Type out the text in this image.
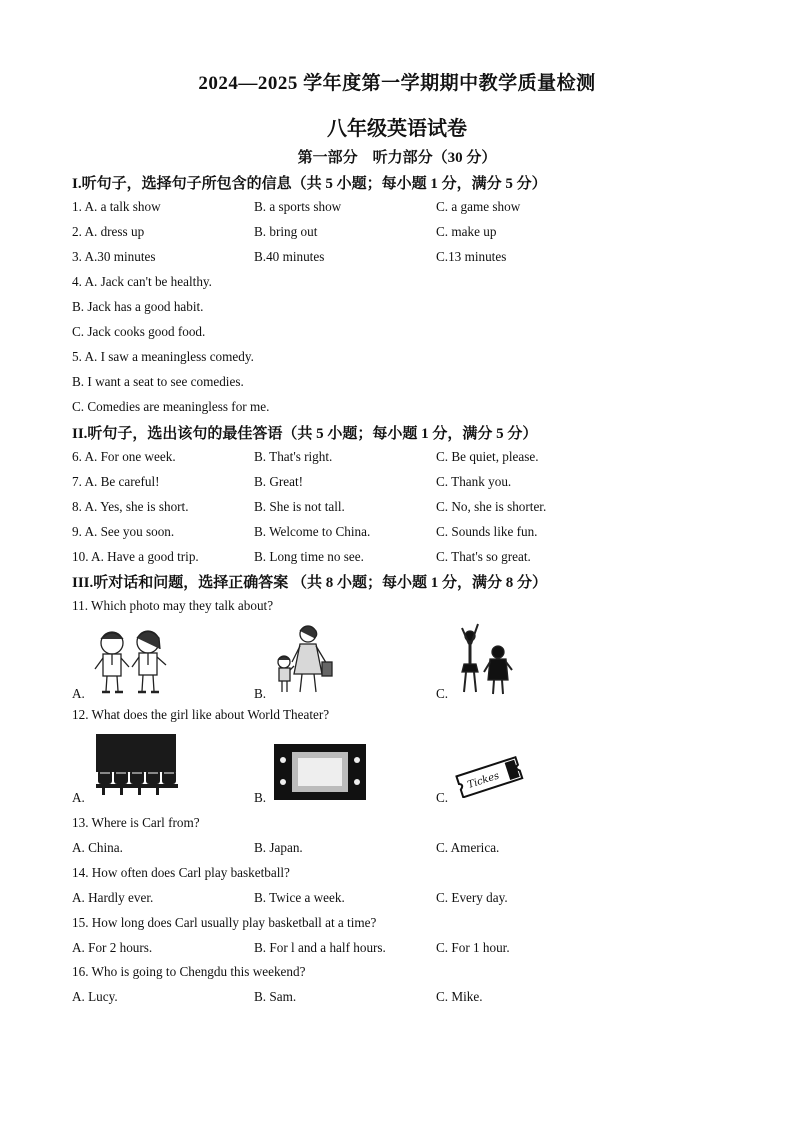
2024—2025 学年度第一学期期中教学质量检测
八年级英语试卷
第一部分　听力部分（30 分）
I.听句子，选择句子所包含的信息（共 5 小题；每小题 1 分，满分 5 分）
1. A. a talk show	B. a sports show	C. a game show
2. A. dress up	B. bring out	C. make up
3. A.30 minutes	B.40 minutes	C.13 minutes
4. A. Jack can't be healthy.
B. Jack has a good habit.
C. Jack cooks good food.
5. A. I saw a meaningless comedy.
B. I want a seat to see comedies.
C. Comedies are meaningless for me.
II.听句子，选出该句的最佳答语（共 5 小题；每小题 1 分，满分 5 分）
6. A. For one week.	B. That's right.	C. Be quiet, please.
7. A. Be careful!	B. Great!	C. Thank you.
8. A. Yes, she is short.	B. She is not tall.	C. No, she is shorter.
9. A. See you soon.	B. Welcome to China.	C. Sounds like fun.
10. A. Have a good trip.	B. Long time no see.	C. That's so great.
III.听对话和问题，选择正确答案 （共 8 小题；每小题 1 分，满分 8 分）
11. Which photo may they talk about?
A.	B.	C.
12. What does the girl like about World Theater?
A.	B.	C.
Tickes
13. Where is Carl from?
A. China.	B. Japan.	C. America.
14. How often does Carl play basketball?
A. Hardly ever.	B. Twice a week.	C. Every day.
15. How long does Carl usually play basketball at a time?
A. For 2 hours.	B. For l and a half hours.	C. For 1 hour.
16. Who is going to Chengdu this weekend?
A. Lucy.	B. Sam.	C. Mike.
